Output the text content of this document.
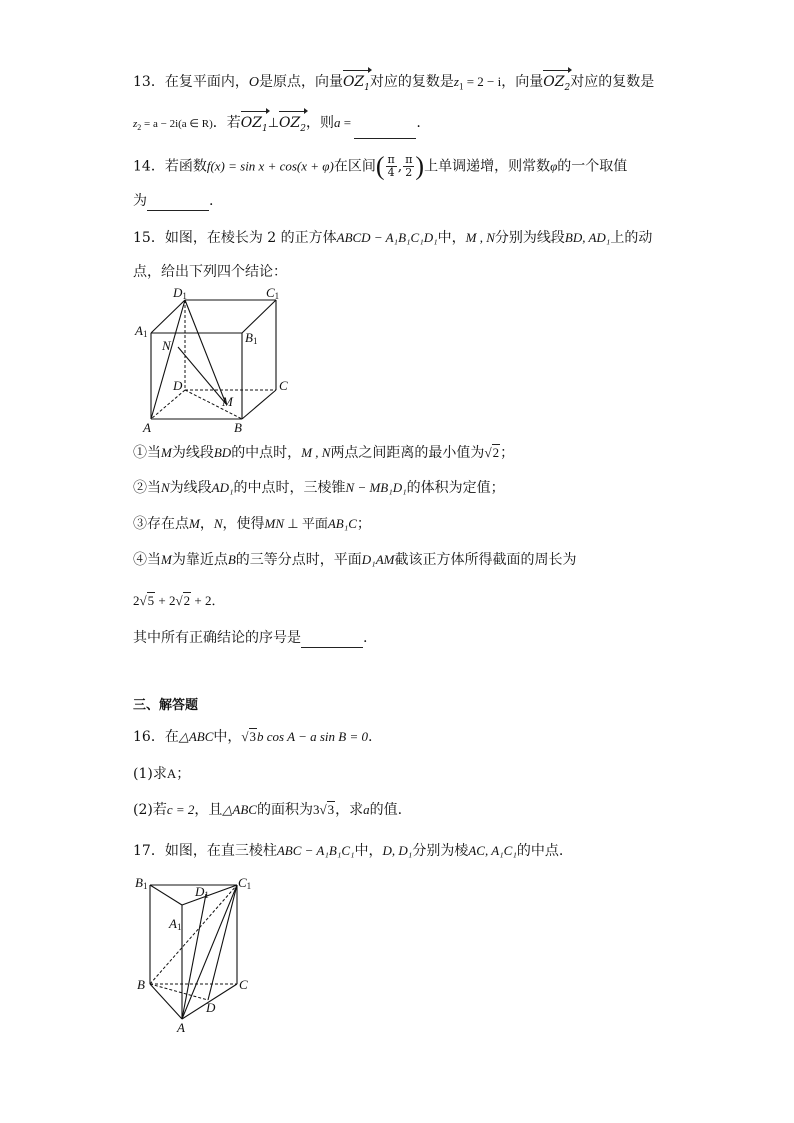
13．在复平面内，O是原点，向量$OZ_1$对应的复数是$z_1 = 2 - i$，向量$OZ_2$对应的复数是
$z_2 = a - 2i(a$ ∈ R)．若$OZ_1\perp OZ_2$，则a =	.
14．若函数f(x) = sin x + cos(x + φ)在区间( $\frac{\pi}{4}$ , $\frac{\pi}{2}$ )上单调递增，则常数φ的一个取值
为	.
15．如图，在棱长为 2 的正方体ABCD − A₁B₁C₁D₁中，M , N分别为线段BD, AD₁上的动
点，给出下列四个结论：
D1	C1
A1	B1
N
D	C
M
A	B
①当M为线段BD的中点时，M , N两点之间距离的最小值为√2；
②当N为线段AD₁的中点时，三棱锥N − MB₁D₁的体积为定值；
③存在点M，N，使得MN ⊥ 平面AB₁C；
④当M为靠近点B的三等分点时，平面D₁AM截该正方体所得截面的周长为
2√5 + 2√2 + 2．
其中所有正确结论的序号是	.
三、解答题
16．在△ABC中，√3b cos A − a sin B = 0.
(1)求A；
(2)若c = 2，且△ABC的面积为3√3，求a的值.
17．如图，在直三棱柱ABC − A₁B₁C₁中，D, D₁分别为棱AC, A₁C₁的中点.
B1	D1
C1
A1
B	C
D
A
